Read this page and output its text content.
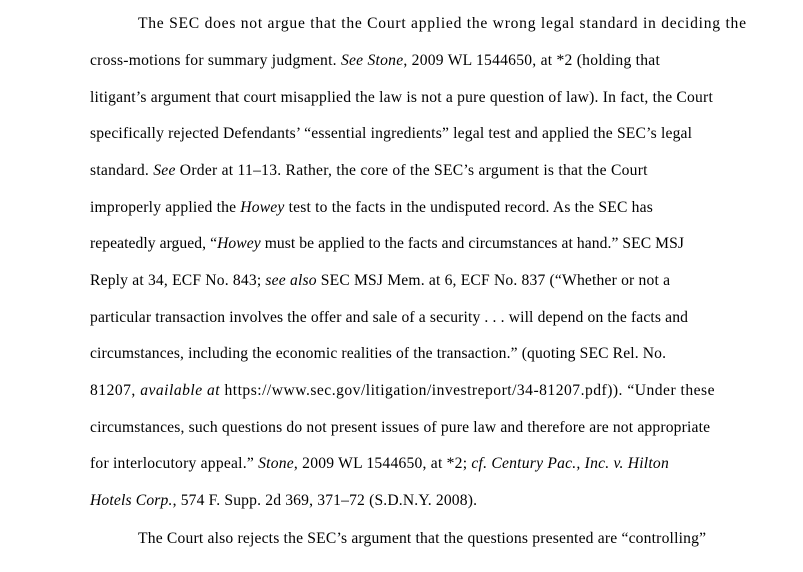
The SEC does not argue that the Court applied the wrong legal standard in deciding the
cross-motions for summary judgment. See Stone, 2009 WL 1544650, at *2 (holding that
litigant’s argument that court misapplied the law is not a pure question of law). In fact, the Court
specifically rejected Defendants’ “essential ingredients” legal test and applied the SEC’s legal
standard. See Order at 11–13. Rather, the core of the SEC’s argument is that the Court
improperly applied the Howey test to the facts in the undisputed record. As the SEC has
repeatedly argued, “Howey must be applied to the facts and circumstances at hand.” SEC MSJ
Reply at 34, ECF No. 843; see also SEC MSJ Mem. at 6, ECF No. 837 (“Whether or not a
particular transaction involves the offer and sale of a security . . . will depend on the facts and
circumstances, including the economic realities of the transaction.” (quoting SEC Rel. No.
81207, available at https://www.sec.gov/litigation/investreport/34-81207.pdf)). “Under these
circumstances, such questions do not present issues of pure law and therefore are not appropriate
for interlocutory appeal.” Stone, 2009 WL 1544650, at *2; cf. Century Pac., Inc. v. Hilton
Hotels Corp., 574 F. Supp. 2d 369, 371–72 (S.D.N.Y. 2008).
The Court also rejects the SEC’s argument that the questions presented are “controlling”
